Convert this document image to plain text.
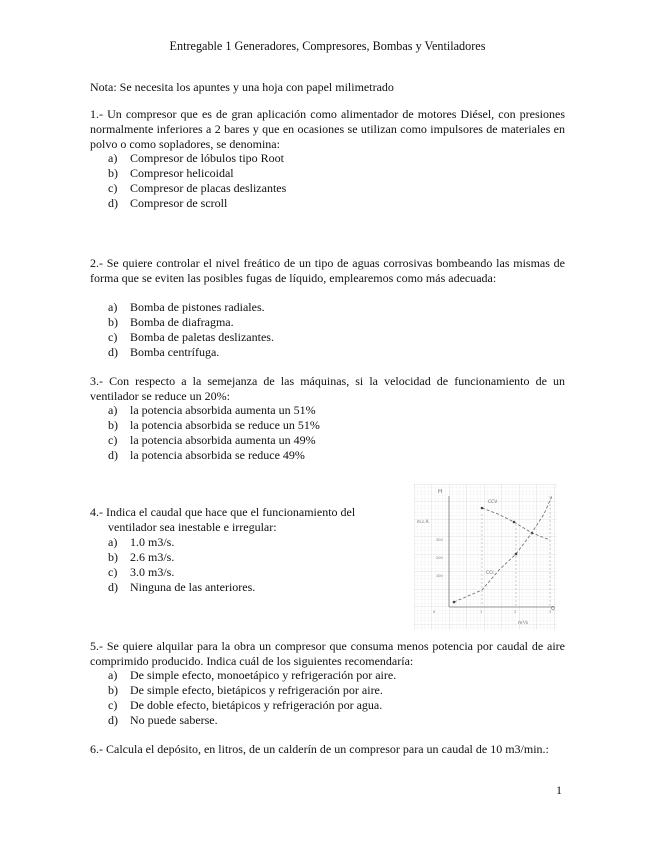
Entregable 1 Generadores, Compresores, Bombas y Ventiladores
Nota: Se necesita los apuntes y una hoja con papel milimetrado
1.- Un compresor que es de gran aplicación como alimentador de motores Diésel, con presiones normalmente inferiores a 2 bares y que en ocasiones se utilizan como impulsores de materiales en polvo o como sopladores, se denomina:
a) Compresor de lóbulos tipo Root
b) Compresor helicoidal
c) Compresor de placas deslizantes
d) Compresor de scroll
2.- Se quiere controlar el nivel freático de un tipo de aguas corrosivas bombeando las mismas de forma que se eviten las posibles fugas de líquido, emplearemos como más adecuada:
a) Bomba de pistones radiales.
b) Bomba de diafragma.
c) Bomba de paletas deslizantes.
d) Bomba centrífuga.
3.- Con respecto a la semejanza de las máquinas, si la velocidad de funcionamiento de un ventilador se reduce un 20%:
a) la potencia absorbida aumenta un 51%
b) la potencia absorbida se reduce un 51%
c) la potencia absorbida aumenta un 49%
d) la potencia absorbida se reduce 49%
4.- Indica el caudal que hace que el funcionamiento del
ventilador sea inestable e irregular:
a) 1.0 m3/s.
b) 2.6 m3/s.
c) 3.0 m3/s.
d) Ninguna de las anteriores.
H
m.c.A.
Q
m³/s
300
200
100
0	1	2	3
CCV
CCI
5.- Se quiere alquilar para la obra un compresor que consuma menos potencia por caudal de aire comprimido producido. Indica cuál de los siguientes recomendaría:
a) De simple efecto, monoetápico y refrigeración por aire.
b) De simple efecto, bietápicos y refrigeración por aire.
c) De doble efecto, bietápicos y refrigeración por agua.
d) No puede saberse.
6.- Calcula el depósito, en litros, de un calderín de un compresor para un caudal de 10 m3/min.:
1
